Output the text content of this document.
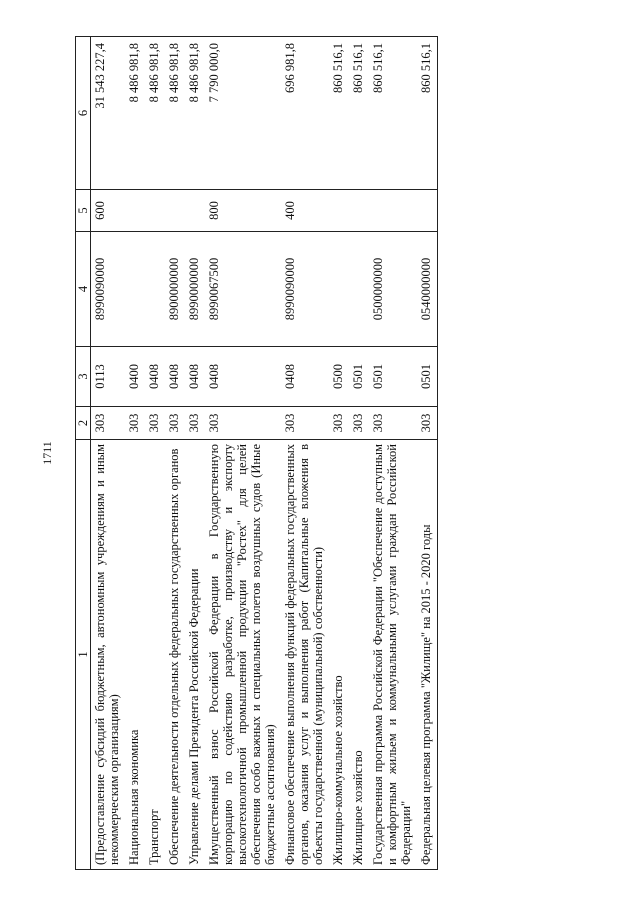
1711
1	2	3	4	5	6
(Предоставление субсидий бюджетным, автономным учреждениям и иным некоммерческим организациям)	303	0113	8990090000	600	31 543 227,4
Национальная экономика	303	0400			8 486 981,8
Транспорт	303	0408			8 486 981,8
Обеспечение деятельности отдельных федеральных государственных органов	303	0408	8900000000		8 486 981,8
Управление делами Президента Российской Федерации	303	0408	8990000000		8 486 981,8
Имущественный взнос Российской Федерации в Государственную корпорацию по содействию разработке, производству и экспорту высокотехнологичной промышленной продукции "Ростех" для целей обеспечения особо важных и специальных полетов воздушных судов (Иные бюджетные ассигнования)	303	0408	8990067500	800	7 790 000,0
Финансовое обеспечение выполнения функций федеральных государственных органов, оказания услуг и выполнения работ (Капитальные вложения в объекты государственной (муниципальной) собственности)	303	0408	8990090000	400	696 981,8
Жилищно-коммунальное хозяйство	303	0500			860 516,1
Жилищное хозяйство	303	0501			860 516,1
Государственная программа Российской Федерации "Обеспечение доступным и комфортным жильем и коммунальными услугами граждан Российской Федерации"	303	0501	0500000000		860 516,1
Федеральная целевая программа "Жилище" на 2015 - 2020 годы	303	0501	0540000000		860 516,1
